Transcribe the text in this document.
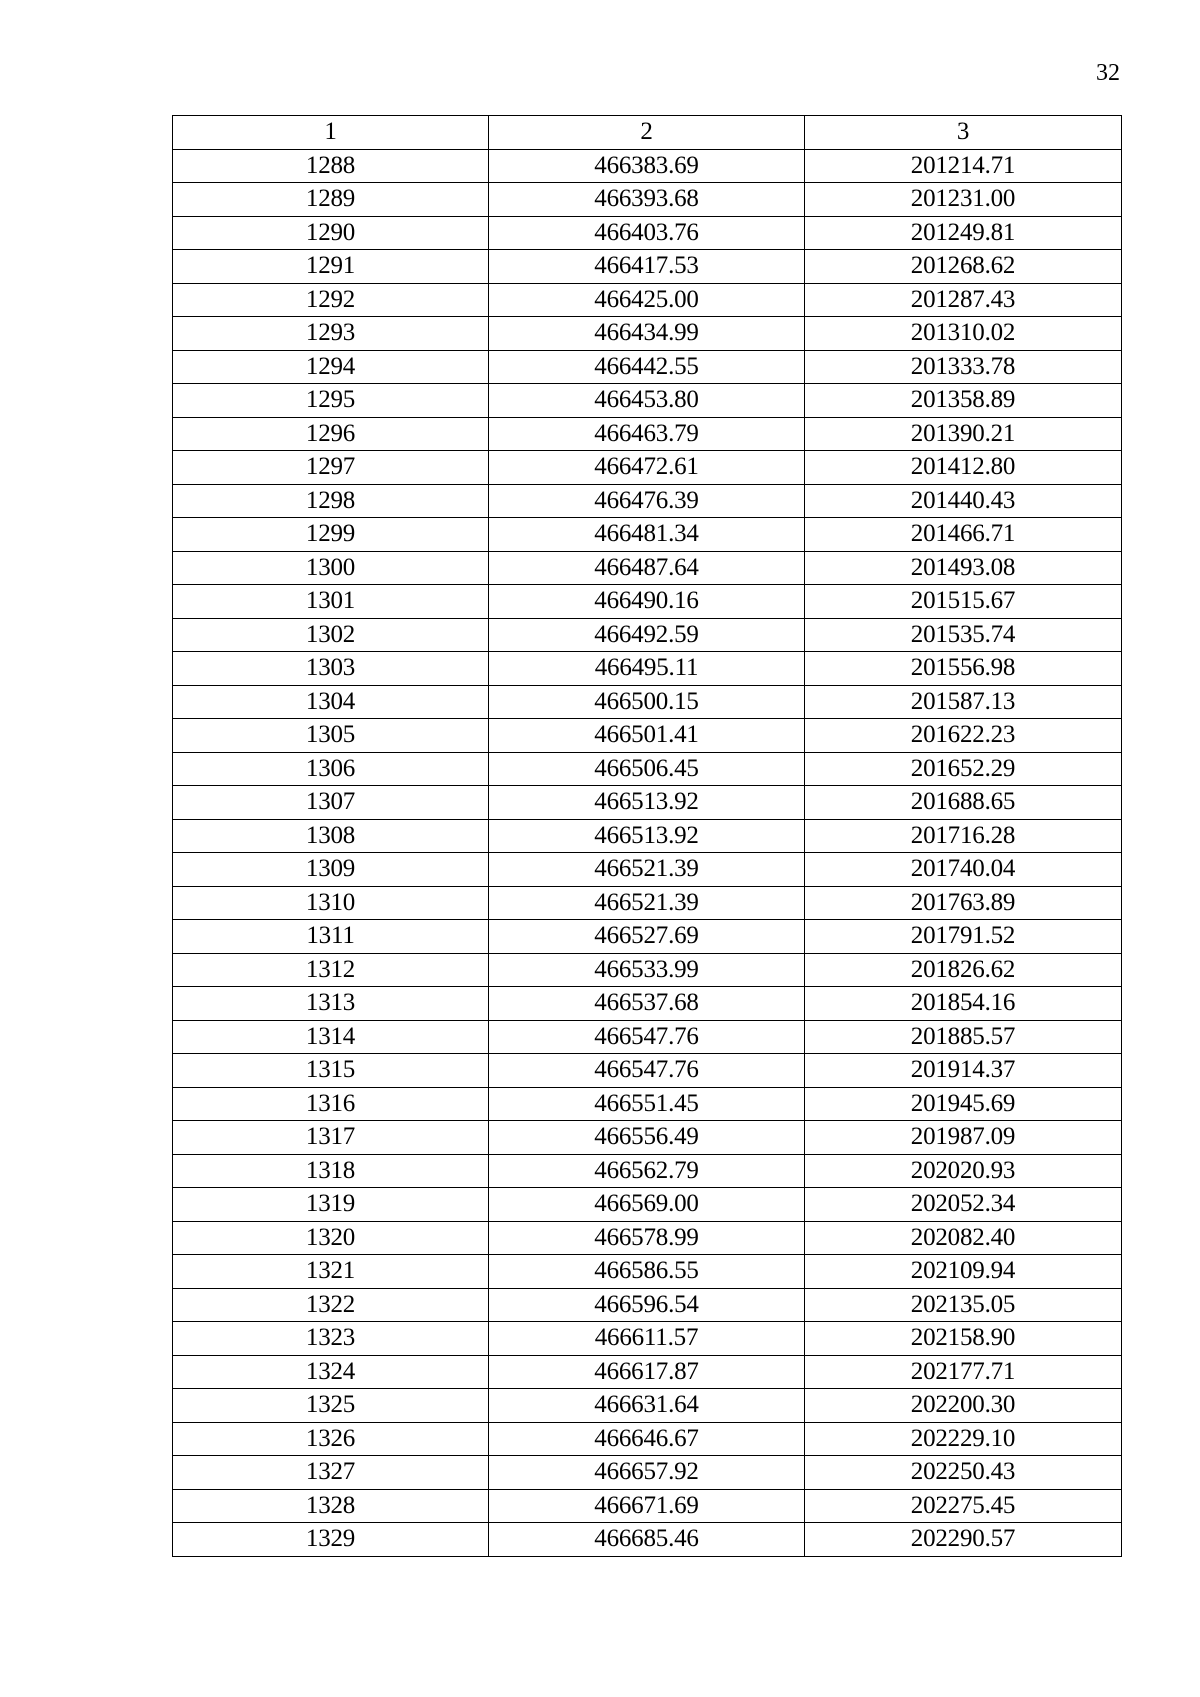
32
1	2	3
1288	466383.69	201214.71
1289	466393.68	201231.00
1290	466403.76	201249.81
1291	466417.53	201268.62
1292	466425.00	201287.43
1293	466434.99	201310.02
1294	466442.55	201333.78
1295	466453.80	201358.89
1296	466463.79	201390.21
1297	466472.61	201412.80
1298	466476.39	201440.43
1299	466481.34	201466.71
1300	466487.64	201493.08
1301	466490.16	201515.67
1302	466492.59	201535.74
1303	466495.11	201556.98
1304	466500.15	201587.13
1305	466501.41	201622.23
1306	466506.45	201652.29
1307	466513.92	201688.65
1308	466513.92	201716.28
1309	466521.39	201740.04
1310	466521.39	201763.89
1311	466527.69	201791.52
1312	466533.99	201826.62
1313	466537.68	201854.16
1314	466547.76	201885.57
1315	466547.76	201914.37
1316	466551.45	201945.69
1317	466556.49	201987.09
1318	466562.79	202020.93
1319	466569.00	202052.34
1320	466578.99	202082.40
1321	466586.55	202109.94
1322	466596.54	202135.05
1323	466611.57	202158.90
1324	466617.87	202177.71
1325	466631.64	202200.30
1326	466646.67	202229.10
1327	466657.92	202250.43
1328	466671.69	202275.45
1329	466685.46	202290.57
